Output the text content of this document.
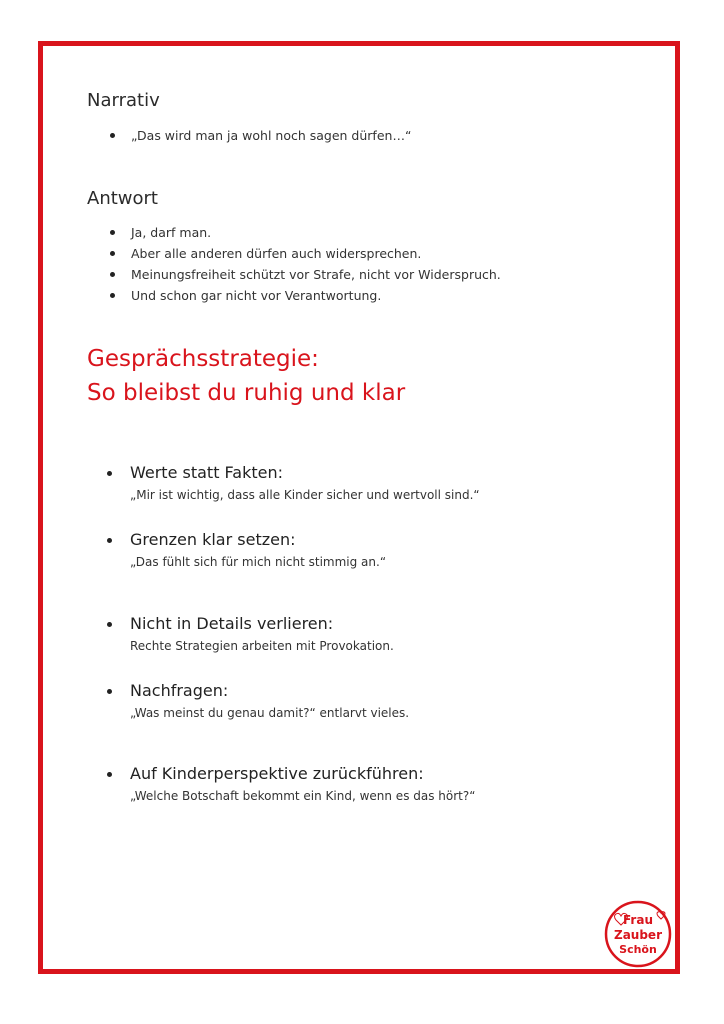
Narrativ
„Das wird man ja wohl noch sagen dürfen…“
Antwort
Ja, darf man.
Aber alle anderen dürfen auch widersprechen.
Meinungsfreiheit schützt vor Strafe, nicht vor Widerspruch.
Und schon gar nicht vor Verantwortung.
Gesprächsstrategie:
So bleibst du ruhig und klar
Werte statt Fakten:
„Mir ist wichtig, dass alle Kinder sicher und wertvoll sind.“
Grenzen klar setzen:
„Das fühlt sich für mich nicht stimmig an.“
Nicht in Details verlieren:
Rechte Strategien arbeiten mit Provokation.
Nachfragen:
„Was meinst du genau damit?“ entlarvt vieles.
Auf Kinderperspektive zurückführen:
„Welche Botschaft bekommt ein Kind, wenn es das hört?“
Frau
Zauber
Schön
